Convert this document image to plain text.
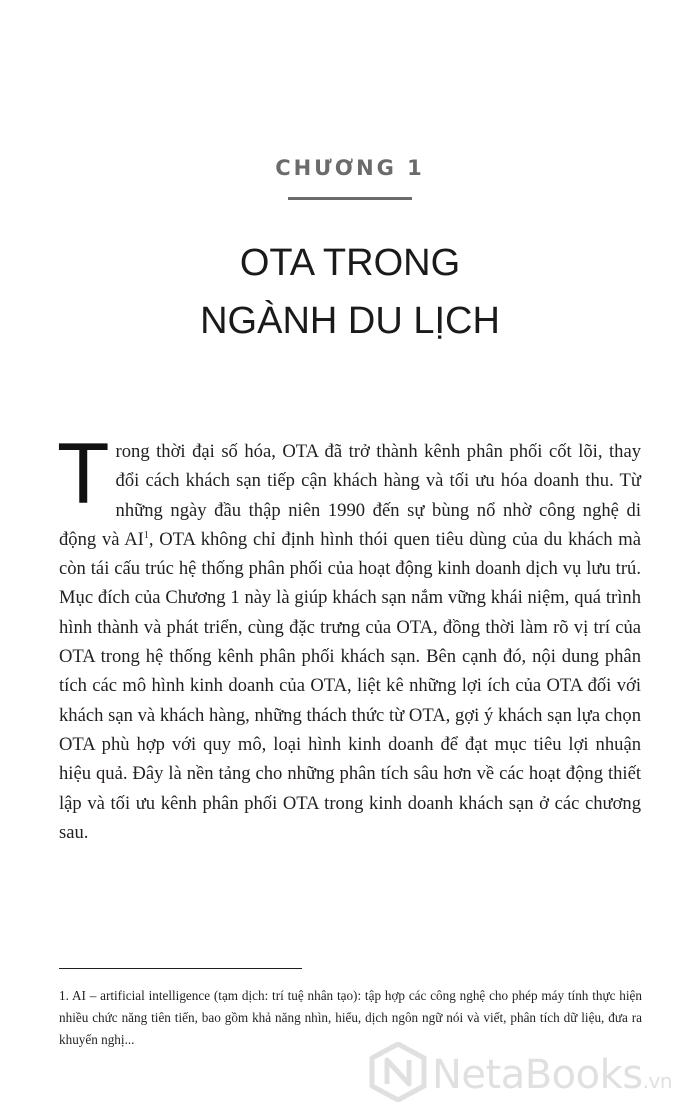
CHƯƠNG 1
OTA TRONG
NGÀNH DU LỊCH
Trong thời đại số hóa, OTA đã trở thành kênh phân phối cốt lõi, thay đổi cách khách sạn tiếp cận khách hàng và tối ưu hóa doanh thu. Từ những ngày đầu thập niên 1990 đến sự bùng nổ nhờ công nghệ di động và AI$^1$, OTA không chỉ định hình thói quen tiêu dùng của du khách mà còn tái cấu trúc hệ thống phân phối của hoạt động kinh doanh dịch vụ lưu trú. Mục đích của Chương 1 này là giúp khách sạn nắm vững khái niệm, quá trình hình thành và phát triển, cùng đặc trưng của OTA, đồng thời làm rõ vị trí của OTA trong hệ thống kênh phân phối khách sạn. Bên cạnh đó, nội dung phân tích các mô hình kinh doanh của OTA, liệt kê những lợi ích của OTA đối với khách sạn và khách hàng, những thách thức từ OTA, gợi ý khách sạn lựa chọn OTA phù hợp với quy mô, loại hình kinh doanh để đạt mục tiêu lợi nhuận hiệu quả. Đây là nền tảng cho những phân tích sâu hơn về các hoạt động thiết lập và tối ưu kênh phân phối OTA trong kinh doanh khách sạn ở các chương sau.
1. AI – artificial intelligence (tạm dịch: trí tuệ nhân tạo): tập hợp các công nghệ cho phép máy tính thực hiện nhiều chức năng tiên tiến, bao gồm khả năng nhìn, hiểu, dịch ngôn ngữ nói và viết, phân tích dữ liệu, đưa ra khuyến nghị...
NetaBooks.vn
